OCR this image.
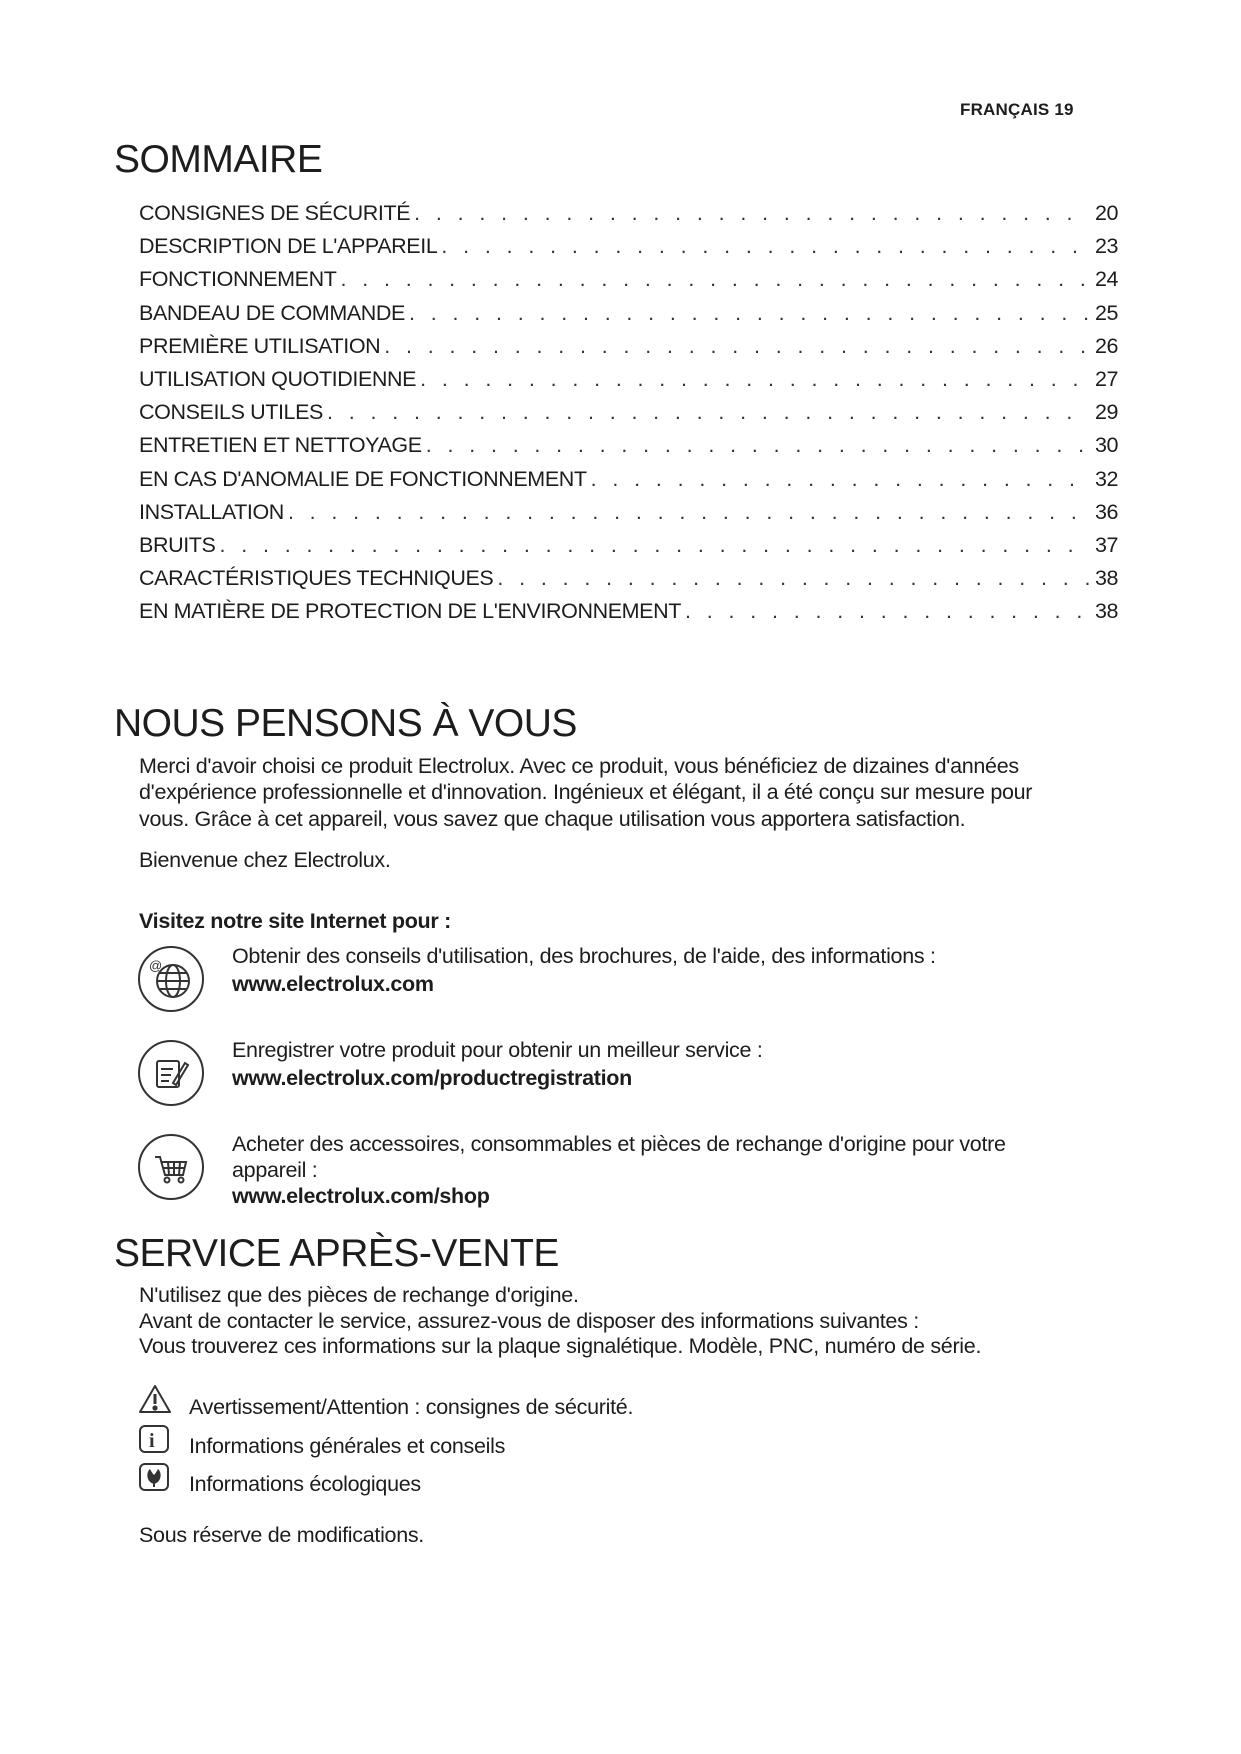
FRANÇAIS 19
SOMMAIRE
CONSIGNES DE SÉCURITÉ . . .	20
DESCRIPTION DE L'APPAREIL . . .	23
FONCTIONNEMENT . . .	24
BANDEAU DE COMMANDE . . .	25
PREMIÈRE UTILISATION . . .	26
UTILISATION QUOTIDIENNE . . .	27
CONSEILS UTILES . . .	29
ENTRETIEN ET NETTOYAGE . . .	30
EN CAS D'ANOMALIE DE FONCTIONNEMENT . . .	32
INSTALLATION . . .	36
BRUITS . . .	37
CARACTÉRISTIQUES TECHNIQUES . . .	38
EN MATIÈRE DE PROTECTION DE L'ENVIRONNEMENT . . .	38
NOUS PENSONS À VOUS
Merci d'avoir choisi ce produit Electrolux. Avec ce produit, vous bénéficiez de dizaines d'années
d'expérience professionnelle et d'innovation. Ingénieux et élégant, il a été conçu sur mesure pour
vous. Grâce à cet appareil, vous savez que chaque utilisation vous apportera satisfaction.
Bienvenue chez Electrolux.
Visitez notre site Internet pour :
@	Obtenir des conseils d'utilisation, des brochures, de l'aide, des informations :
www.electrolux.com
Enregistrer votre produit pour obtenir un meilleur service :
www.electrolux.com/productregistration
Acheter des accessoires, consommables et pièces de rechange d'origine pour votre
appareil :
www.electrolux.com/shop
SERVICE APRÈS-VENTE
N'utilisez que des pièces de rechange d'origine.
Avant de contacter le service, assurez-vous de disposer des informations suivantes :
Vous trouverez ces informations sur la plaque signalétique. Modèle, PNC, numéro de série.
Avertissement/Attention : consignes de sécurité.
i Informations générales et conseils
Informations écologiques
Sous réserve de modifications.
